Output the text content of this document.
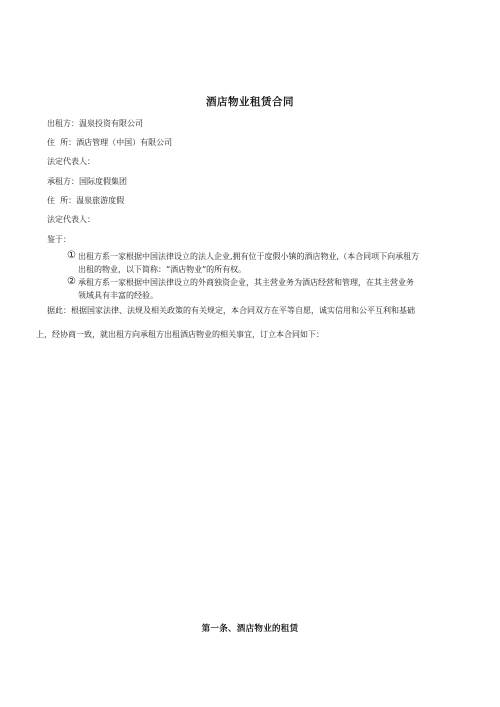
酒店物业租赁合同
出租方：温泉投资有限公司
住  所：酒店管理（中国）有限公司
法定代表人：
承租方：国际度假集团
住  所：温泉旅游度假
法定代表人：
鉴于：
① 出租方系一家根据中国法律设立的法人企业,拥有位于度假小镇的酒店物业,（本合同项下向承租方
出租的物业，以下简称：“酒店物业”的所有权。
② 承租方系一家根据中国法律设立的外商独资企业，其主营业务为酒店经营和管理，在其主营业务
领域具有丰富的经验。
据此：根据国家法律、法规及相关政策的有关规定，本合同双方在平等自愿，诚实信用和公平互利和基础
上，经协商一致，就出租方向承租方出租酒店物业的相关事宜，订立本合同如下：
第一条、酒店物业的租赁
